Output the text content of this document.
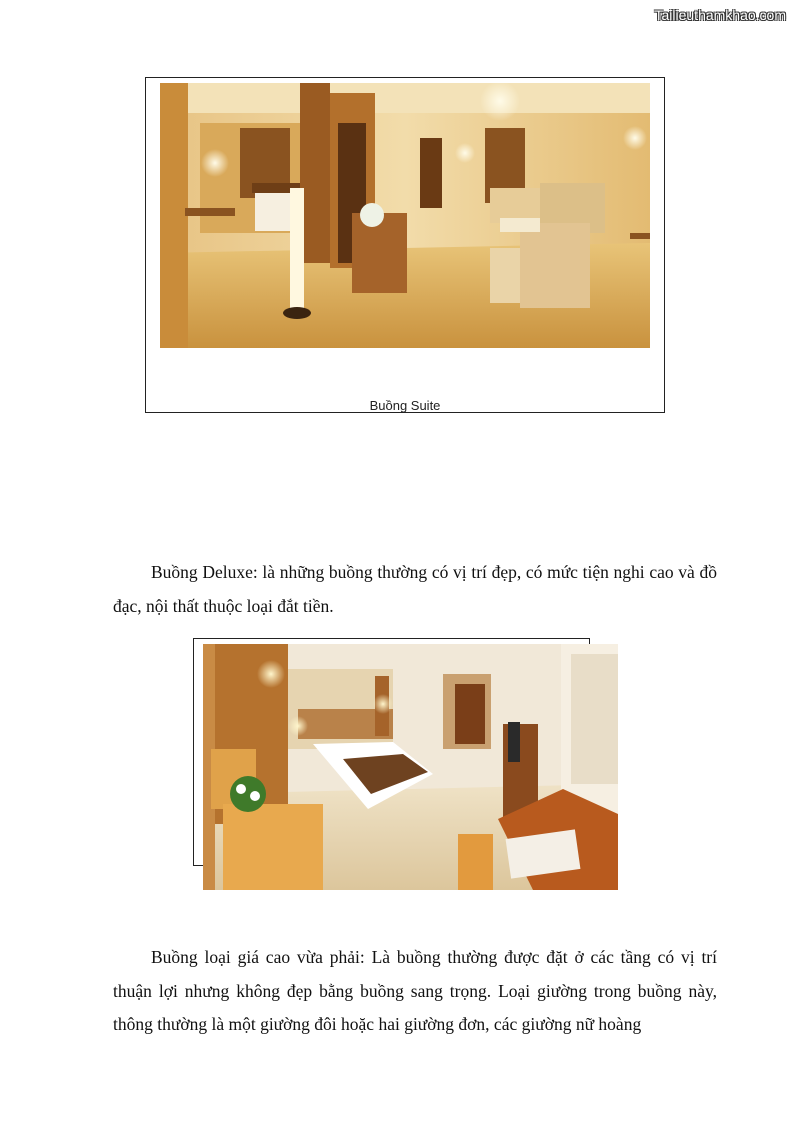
Tailieuthamkhao.com
Buồng Suite

Buồng Deluxe: là những buồng thường có vị trí đẹp, có mức tiện nghi cao và đồ đạc, nội thất thuộc loại đắt tiền.

Buồng loại giá cao vừa phải: Là buồng thường được đặt ở các tầng có vị trí thuận lợi nhưng không đẹp bằng buồng sang trọng. Loại giường trong buồng này, thông thường là một giường đôi hoặc hai giường đơn, các giường nữ hoàng
